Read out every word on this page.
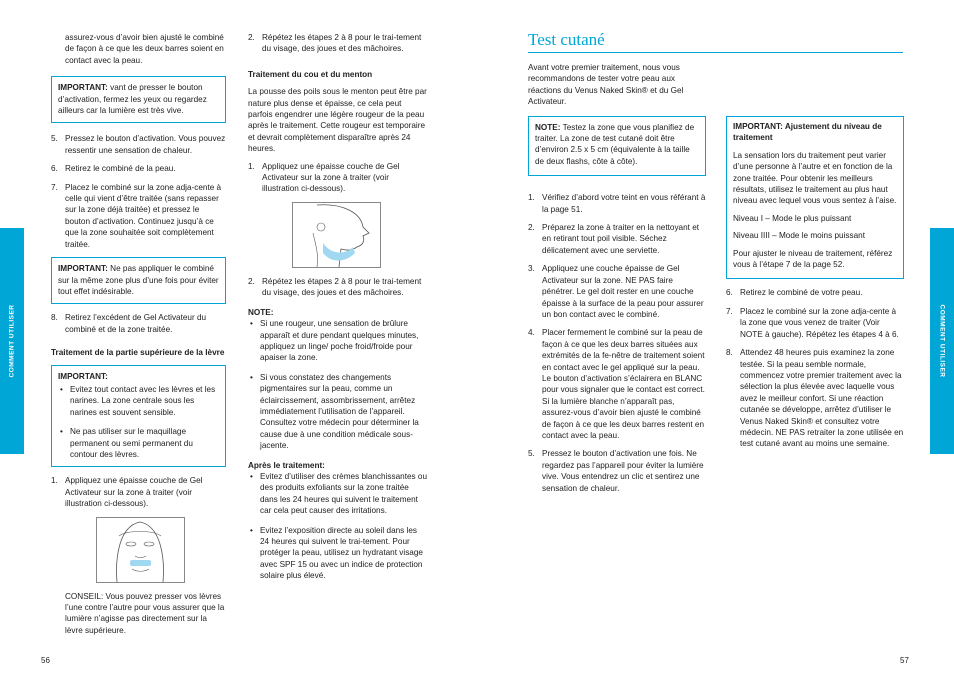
COMMENT UTILISER

assurez-vous d’avoir bien ajusté le combiné de façon à ce que les deux barres soient en contact avec la peau.

IMPORTANT: vant de presser le bouton d’activation, fermez les yeux ou regardez ailleurs car la lumière est très vive.
5. Pressez le bouton d’activation. Vous pouvez ressentir une sensation de chaleur.
6. Retirez le combiné de la peau.
7. Placez le combiné sur la zone adja-cente à celle qui vient d’être traitée (sans repasser sur la zone déjà traitée) et pressez le bouton d’activation. Continuez jusqu’à ce que la zone souhaitée soit complètement traitée.
IMPORTANT: Ne pas appliquer le combiné sur la même zone plus d’une fois pour éviter tout effet indésirable.
8. Retirez l’excédent de Gel Activateur du combiné et de la zone traitée.

Traitement de la partie supérieure de la lèvre

IMPORTANT:
• Evitez tout contact avec les lèvres et les narines. La zone centrale sous les narines est souvent sensible.
• Ne pas utiliser sur le maquillage permanent ou semi permanent du contour des lèvres.
1. Appliquez une épaisse couche de Gel Activateur sur la zone à traiter (voir illustration ci-dessous).

CONSEIL: Vous pouvez presser vos lèvres l’une contre l’autre pour vous assurer que la lumière n’agisse pas directement sur la lèvre supérieure.

2. Répétez les étapes 2 à 8 pour le trai-tement du visage, des joues et des mâchoires.

Traitement du cou et du menton

La pousse des poils sous le menton peut être par nature plus dense et épaisse, ce cela peut parfois engendrer une légère rougeur de la peau après le traitement. Cette rougeur est temporaire et devrait complètement disparaître après 24 heures.

1. Appliquez une épaisse couche de Gel Activateur sur la zone à traiter (voir illustration ci-dessous).
2. Répétez les étapes 2 à 8 pour le trai-tement du visage, des joues et des mâchoires.

NOTE:

• Si une rougeur, une sensation de brûlure apparaît et dure pendant quelques minutes, appliquez un linge/ poche froid/froide pour apaiser la zone.
• Si vous constatez des changements pigmentaires sur la peau, comme un éclaircissement, assombrissement, arrêtez immédiatement l’utilisation de l’appareil. Consultez votre médecin pour déterminer la cause due à une condition médicale sous-jacente.

Après le traitement:

• Evitez d’utiliser des crèmes blanchissantes ou des produits exfoliants sur la zone traitée dans les 24 heures qui suivent le traitement car cela peut causer des irritations.
• Evitez l’exposition directe au soleil dans les 24 heures qui suivent le trai-tement. Pour protéger la peau, utilisez un hydratant visage avec SPF 15 ou avec un indice de protection solaire plus élevé.
56
Test cutané

Avant votre premier traitement, nous vous recommandons de tester votre peau aux réactions du Venus Naked Skin® et du Gel Activateur.

NOTE: Testez la zone que vous planifiez de traiter. La zone de test cutané doit être d’environ 2.5 x 5 cm (équivalente à la taille de deux flashs, côte à côte).
1. Vérifiez d’abord votre teint en vous référant à la page 51.
2. Préparez la zone à traiter en la nettoyant et en retirant tout poil visible. Séchez délicatement avec une serviette.
3. Appliquez une couche épaisse de Gel Activateur sur la zone. NE PAS faire pénétrer. Le gel doit rester en une couche épaisse à la surface de la peau pour assurer un bon contact avec le combiné.
4. Placer fermement le combiné sur la peau de façon à ce que les deux barres situées aux extrémités de la fe-nêtre de traitement soient en contact avec le gel appliqué sur la peau. Le bouton d’activation s’éclairera en BLANC pour vous signaler que le contact est correct. Si la lumière blanche n’apparaît pas, assurez-vous d’avoir bien ajusté le combiné de façon à ce que les deux barres restent en contact avec la peau.
5. Pressez le bouton d’activation une fois. Ne regardez pas l’appareil pour éviter la lumière vive. Vous entendrez un clic et sentirez une sensation de chaleur.

IMPORTANT: Ajustement du niveau de traitement

La sensation lors du traitement peut varier d’une personne à l’autre et en fonction de la zone traitée. Pour obtenir les meilleurs résultats, utilisez le traitement au plus haut niveau avec lequel vous vous sentez à l’aise.

Niveau I – Mode le plus puissant

Niveau IIII – Mode le moins puissant

Pour ajuster le niveau de traitement, référez vous à l’étape 7 de la page 52.

6. Retirez le combiné de votre peau.
7. Placez le combiné sur la zone adja-cente à la zone que vous venez de traiter (Voir NOTE à gauche). Répétez les étapes 4 à 6.
8. Attendez 48 heures puis examinez la zone testée. Si la peau semble normale, commencez votre premier traitement avec la sélection la plus élevée avec laquelle vous avez le meilleur confort. Si une réaction cutanée se développe, arrêtez d’utiliser le Venus Naked Skin® et consultez votre médecin. NE PAS retraiter la zone utilisée en test cutané avant au moins une semaine.
57
COMMENT UTILISER
